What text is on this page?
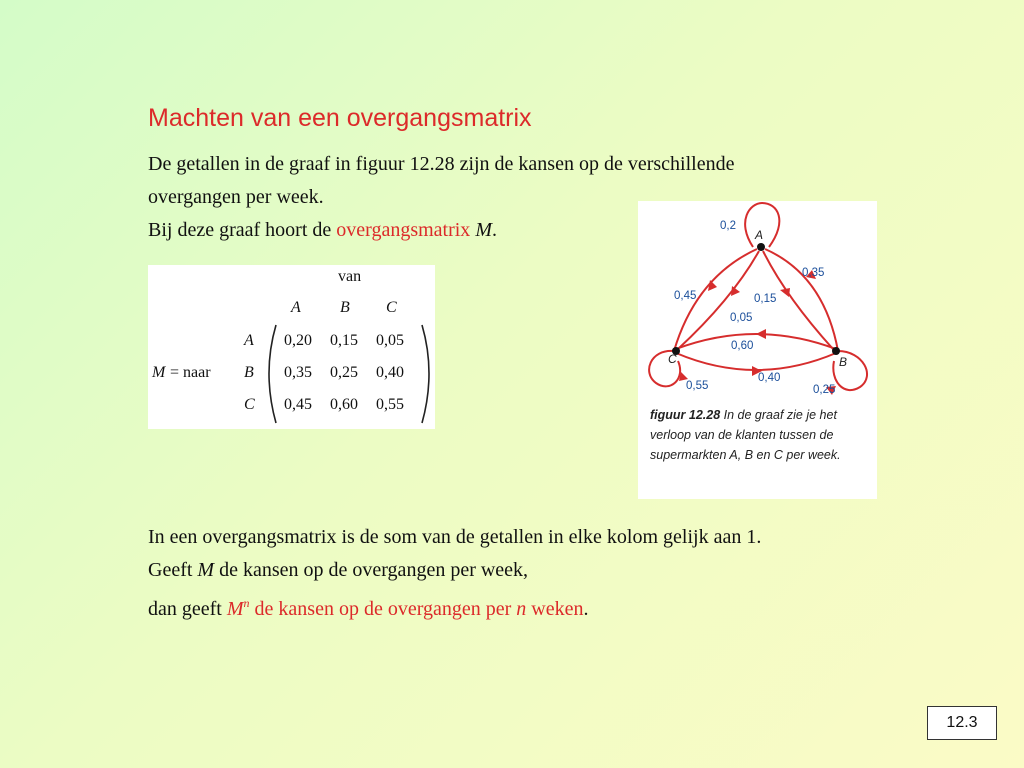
Machten van een overgangsmatrix
De getallen in de graaf in figuur 12.28 zijn de kansen op de verschillende
overgangen per week.
Bij deze graaf hoort de overgangsmatrix M.
van
A B C
M = naar
A
B
C
0,20 0,15 0,05
0,35 0,25 0,40
0,45 0,60 0,55
A
B
C
0,2
0,35
0,45	0,15
0,05
0,60
0,40
0,55	0,25
figuur 12.28 In de graaf zie je het verloop van de klanten tussen de supermarkten A, B en C per week.
In een overgangsmatrix is de som van de getallen in elke kolom gelijk aan 1.
Geeft M de kansen op de overgangen per week,
dan geeft $M^n$ de kansen op de overgangen per n weken.
12.3
